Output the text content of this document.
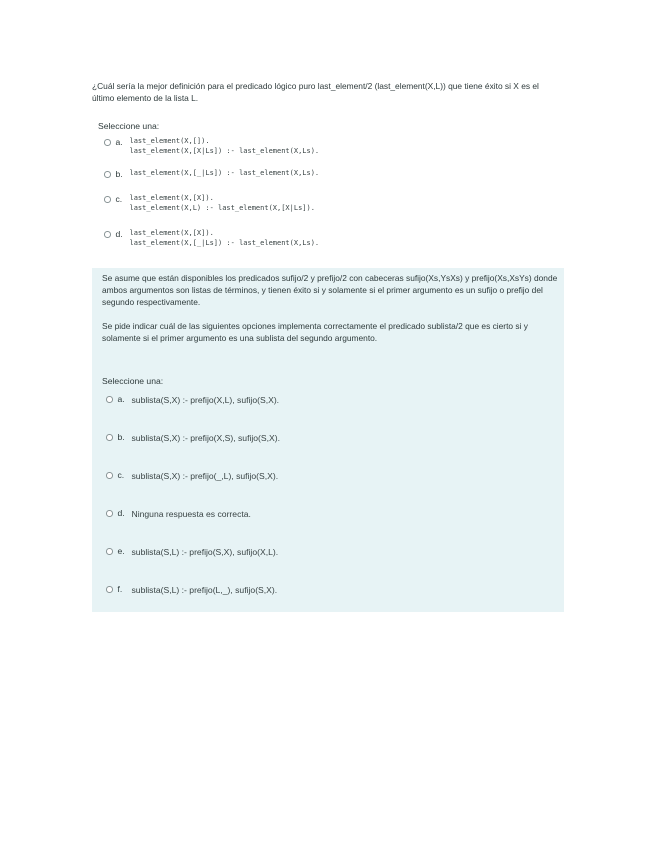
¿Cuál sería la mejor definición para el predicado lógico puro last_element/2 (last_element(X,L)) que tiene éxito si X es el último elemento de la lista L.

Seleccione una:

a. last_element(X,[]).
last_element(X,[X|Ls]) :- last_element(X,Ls).
b. last_element(X,[_|Ls]) :- last_element(X,Ls).
c.	last_element(X,[X]).
last_element(X,L) :- last_element(X,[X|Ls]).
d. last_element(X,[X]).
last_element(X,[_|Ls]) :- last_element(X,Ls).

Se asume que están disponibles los predicados sufijo/2 y prefijo/2 con cabeceras sufijo(Xs,YsXs) y prefijo(Xs,XsYs) donde ambos argumentos son listas de términos, y tienen éxito si y solamente si el primer argumento es un sufijo o prefijo del segundo respectivamente.

Se pide indicar cuál de las siguientes opciones implementa correctamente el predicado sublista/2 que es cierto si y solamente si el primer argumento es una sublista del segundo argumento.

Seleccione una:

a. sublista(S,X) :- prefijo(X,L), sufijo(S,X).
b. sublista(S,X) :- prefijo(X,S), sufijo(S,X).
c. sublista(S,X) :- prefijo(_,L), sufijo(S,X).
d. Ninguna respuesta es correcta.
e. sublista(S,L) :- prefijo(S,X), sufijo(X,L).
f.	sublista(S,L) :- prefijo(L,_), sufijo(S,X).
